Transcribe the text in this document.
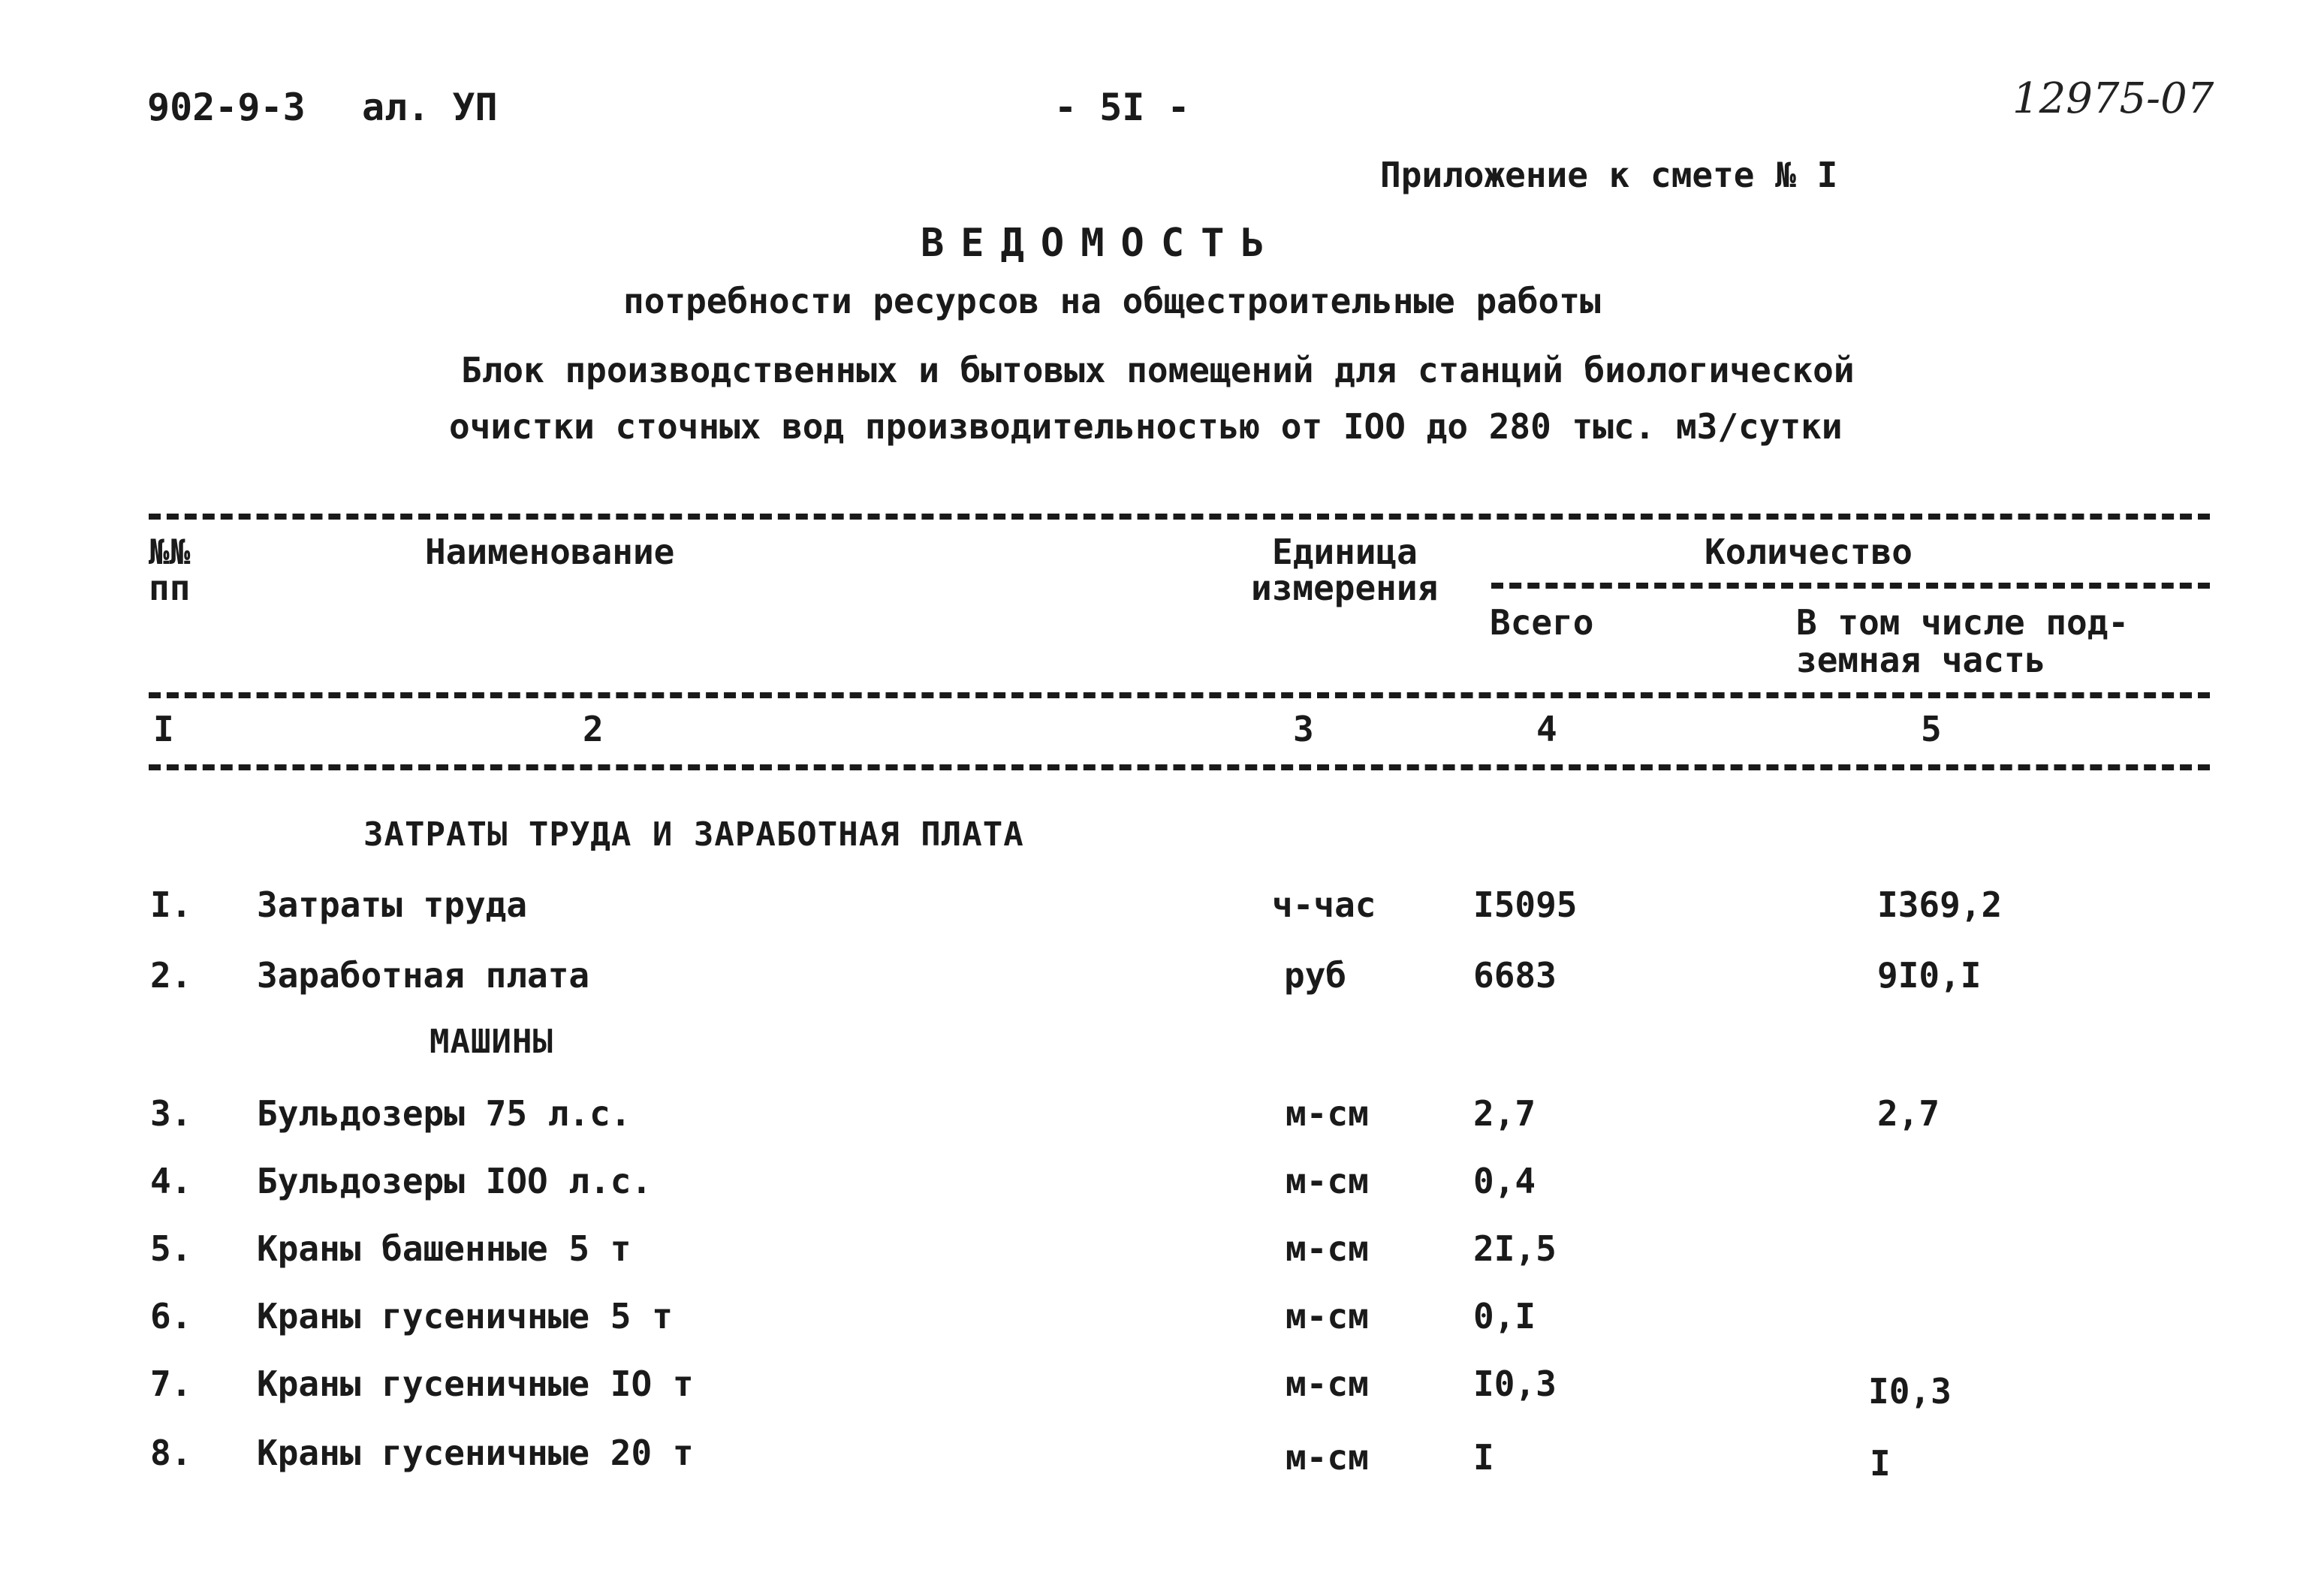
902-9-3 ал. УП	- 5I -	12975-07
Приложение к смете № I
ВЕДОМОСТЬ
потребности ресурсов на общестроительные работы
Блок производственных и бытовых помещений для станций биологической
очистки сточных вод производительностью от IOO до 280 тыс. м3/сутки
№№
пп
Наименование	Единица
измерения
Количество
Всего	В том числе под-
земная часть
I	2	3	4	5
ЗАТРАТЫ ТРУДА И ЗАРАБОТНАЯ ПЛАТА
I. Затраты труда	ч-час	I5095	I369,2
2. Заработная плата	руб	6683	9I0,I
МАШИНЫ
3. Бульдозеры 75 л.с.	м-см	2,7	2,7
4. Бульдозеры IOO л.с.	м-см	0,4
5. Краны башенные 5 т	м-см	2I,5
6. Краны гусеничные 5 т	м-см	0,I
7. Краны гусеничные IO т	м-см	I0,3	I0,3
8. Краны гусеничные 20 т	м-см	I	I
